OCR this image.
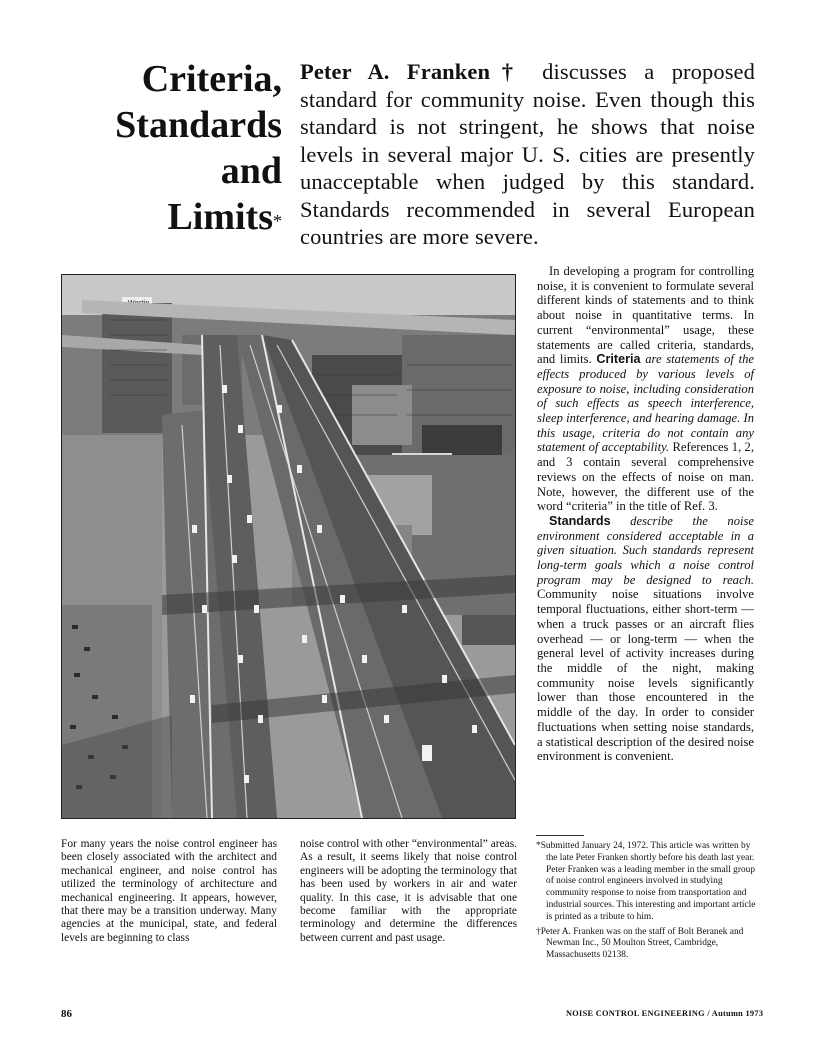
Criteria,
Standards
and
Limits*
Peter A. Franken† discusses a proposed standard for community noise. Even though this standard is not stringent, he shows that noise levels in several major U. S. cities are presently unacceptable when judged by this standard. Standards recommended in several European countries are more severe.

In developing a program for controlling noise, it is convenient to formulate several different kinds of statements and to think about noise in quantitative terms. In current “environmental” usage, these statements are called criteria, standards, and limits. Criteria are statements of the effects produced by various levels of exposure to noise, including consideration of such effects as speech interference, sleep interference, and hearing damage. In this usage, criteria do not contain any statement of acceptability. References 1, 2, and 3 contain several comprehensive reviews on the effects of noise on man. Note, however, the different use of the word “criteria” in the title of Ref. 3.

Standards describe the noise environment considered acceptable in a given situation. Such standards represent long-term goals which a noise control program may be designed to reach. Community noise situations involve temporal fluctuations, either short-term — when a truck passes or an aircraft flies overhead — or long-term — when the general level of activity increases during the middle of the night, making community noise levels significantly lower than those encountered in the middle of the day. In order to consider fluctuations when setting noise standards, a statistical description of the desired noise environment is convenient.

For many years the noise control engineer has been closely associated with the architect and mechanical engineer, and noise control has utilized the terminology of architecture and mechanical engineering. It appears, however, that there may be a transition underway. Many agencies at the municipal, state, and federal levels are beginning to class
noise control with other “environmental” areas. As a result, it seems likely that noise control engineers will be adopting the terminology that has been used by workers in air and water quality. In this case, it is advisable that one become familiar with the appropriate terminology and determine the differences between current and past usage.

*Submitted January 24, 1972. This article was written by the late Peter Franken shortly before his death last year. Peter Franken was a leading member in the small group of noise control engineers involved in studying community response to noise from transportation and industrial sources. This interesting and important article is printed as a tribute to him.

†Peter A. Franken was on the staff of Bolt Beranek and Newman Inc., 50 Moulton Street, Cambridge, Massachusetts 02138.

86	NOISE CONTROL ENGINEERING / Autumn 1973
